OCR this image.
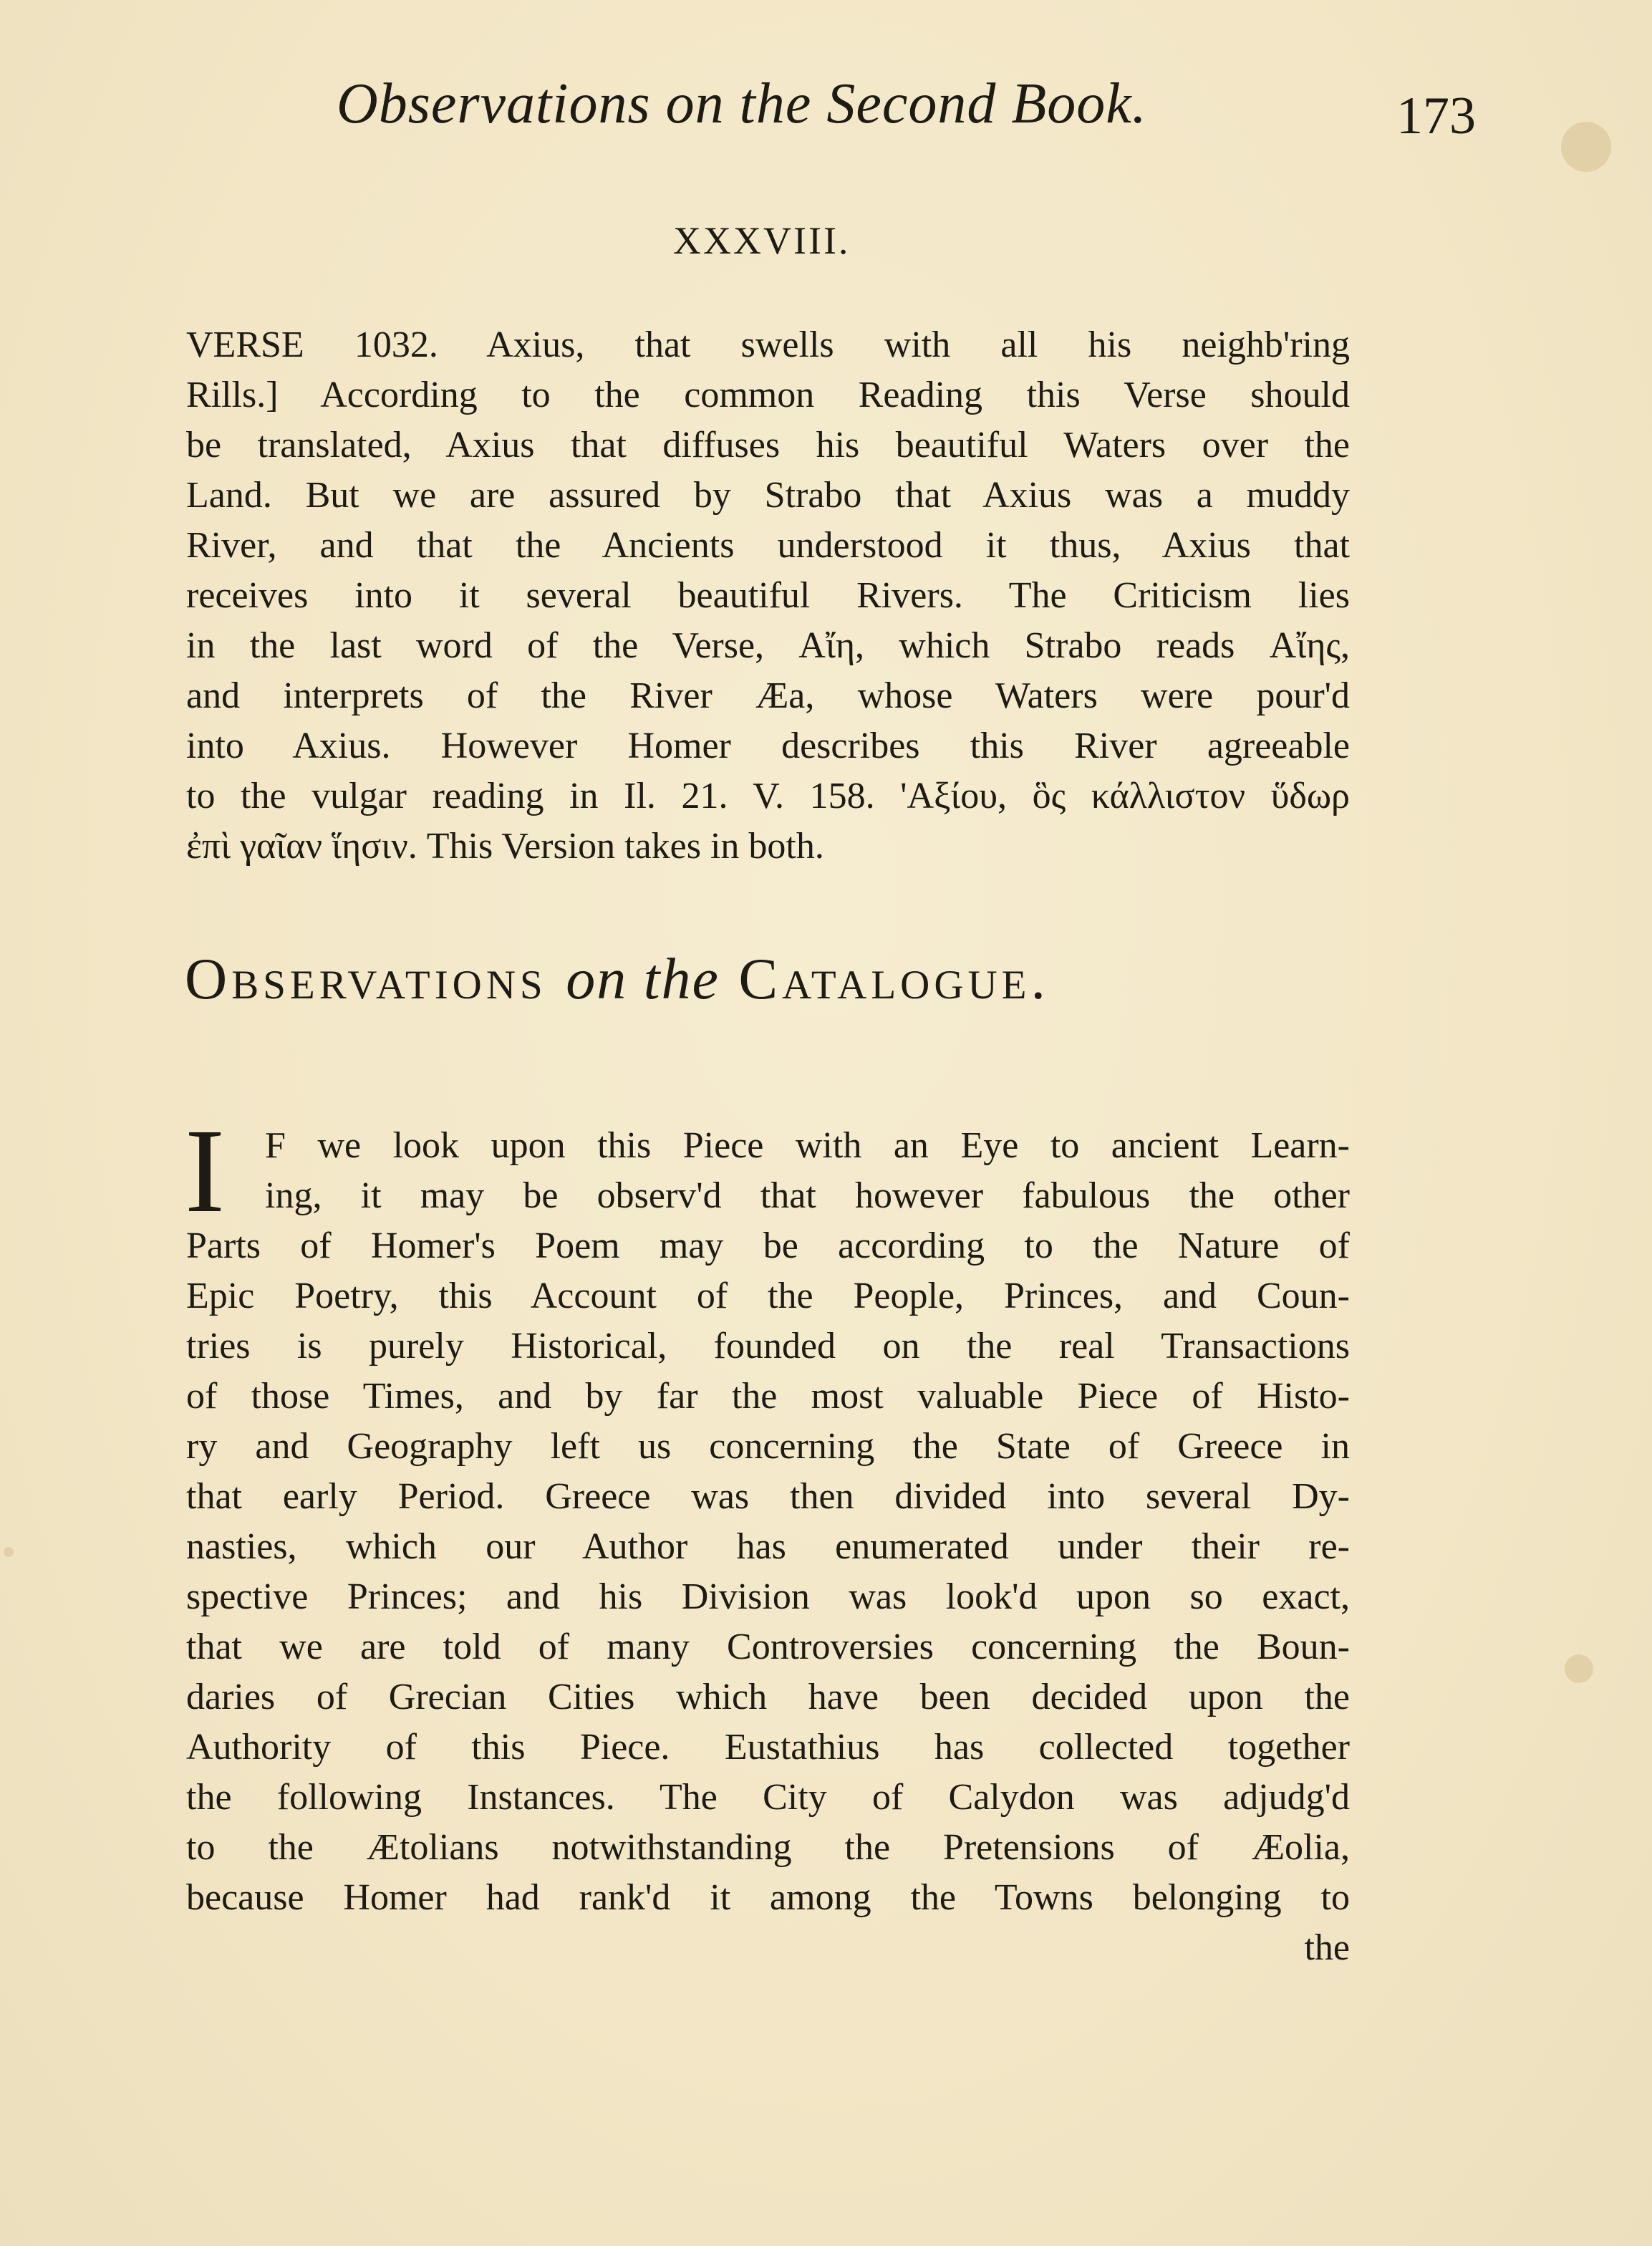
Observations on the Second Book.	173
XXXVIII.
VERSE 1032. Axius, that swells with all his neighb'ring
Rills.] According to the common Reading this Verse should
be translated, Axius that diffuses his beautiful Waters over the
Land. But we are assured by Strabo that Axius was a muddy
River, and that the Ancients understood it thus, Axius that
receives into it several beautiful Rivers. The Criticism lies
in the last word of the Verse, Αἴη, which Strabo reads Αἴης,
and interprets of the River Æa, whose Waters were pour'd
into Axius. However Homer describes this River agreeable
to the vulgar reading in Il. 21. V. 158. 'Αξίου, ὃς κάλλιστον ὕδωρ
ἐπὶ γαῖαν ἵησιν. This Version takes in both.
Observations on the Catalogue.
I F we look upon this Piece with an Eye to ancient Learn-
ing, it may be observ'd that however fabulous the other
Parts of Homer's Poem may be according to the Nature of
Epic Poetry, this Account of the People, Princes, and Coun-
tries is purely Historical, founded on the real Transactions
of those Times, and by far the most valuable Piece of Histo-
ry and Geography left us concerning the State of Greece in
that early Period. Greece was then divided into several Dy-
nasties, which our Author has enumerated under their re-
spective Princes; and his Division was look'd upon so exact,
that we are told of many Controversies concerning the Boun-
daries of Grecian Cities which have been decided upon the
Authority of this Piece. Eustathius has collected together
the following Instances. The City of Calydon was adjudg'd
to the Ætolians notwithstanding the Pretensions of Æolia,
because Homer had rank'd it among the Towns belonging to
the
